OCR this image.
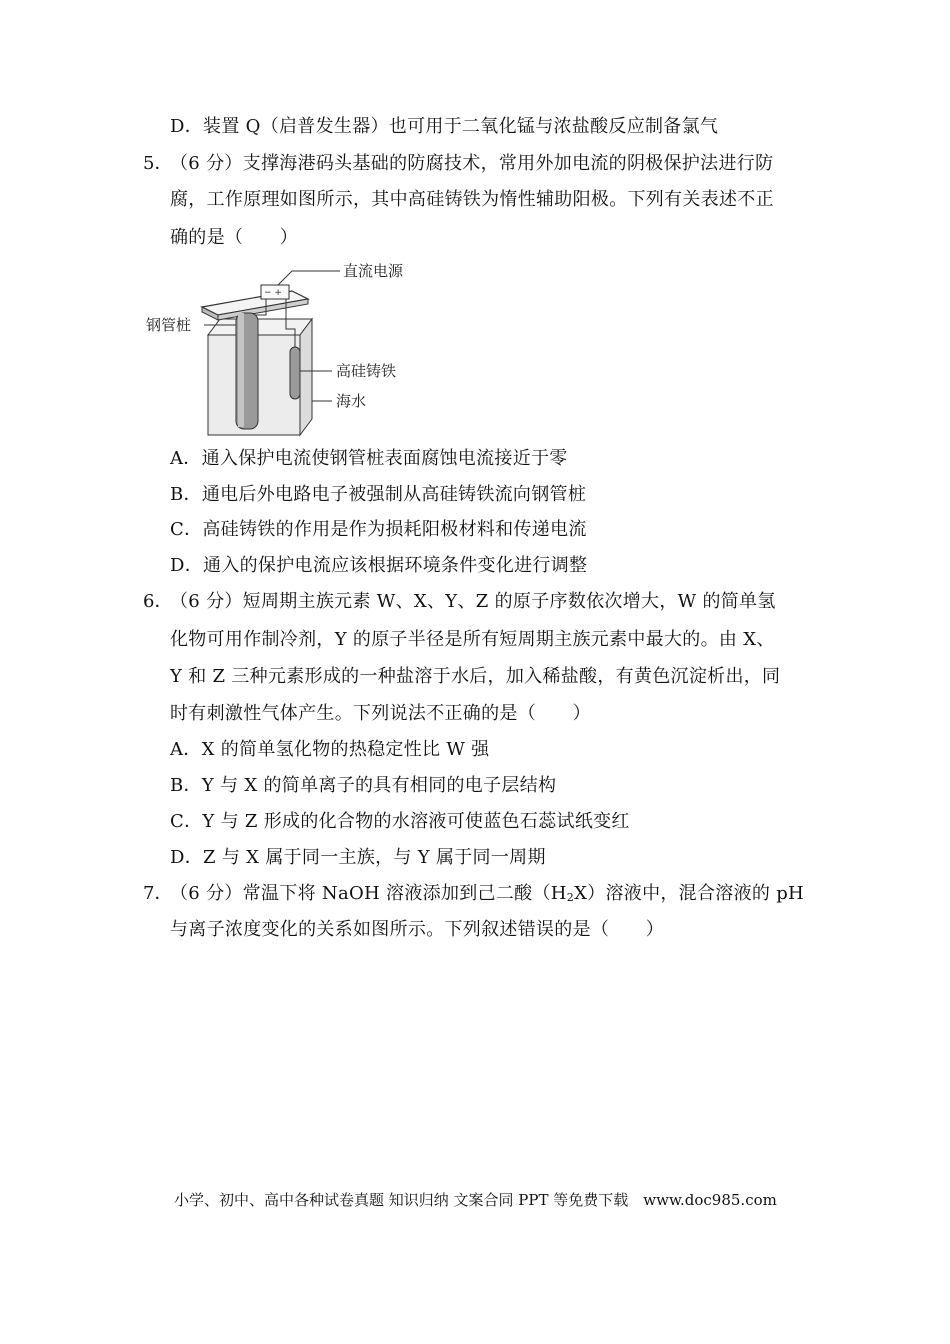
D．装置 Q（启普发生器）也可用于二氧化锰与浓盐酸反应制备氯气
5．
（6 分）支撑海港码头基础的防腐技术，常用外加电流的阴极保护法进行防
腐，工作原理如图所示，其中高硅铸铁为惰性辅助阳极。下列有关表述不正
确的是（　　）
− +
直流电源
钢管桩
高硅铸铁
海水
A．通入保护电流使钢管桩表面腐蚀电流接近于零
B．通电后外电路电子被强制从高硅铸铁流向钢管桩
C．高硅铸铁的作用是作为损耗阳极材料和传递电流
D．通入的保护电流应该根据环境条件变化进行调整
6．
（6 分）短周期主族元素 W、X、Y、Z 的原子序数依次增大，W 的简单氢
化物可用作制冷剂，Y 的原子半径是所有短周期主族元素中最大的。由 X、
Y 和 Z 三种元素形成的一种盐溶于水后，加入稀盐酸，有黄色沉淀析出，同
时有刺激性气体产生。下列说法不正确的是（　　）
A．X 的简单氢化物的热稳定性比 W 强
B．Y 与 X 的简单离子的具有相同的电子层结构
C．Y 与 Z 形成的化合物的水溶液可使蓝色石蕊试纸变红
D．Z 与 X 属于同一主族，与 Y 属于同一周期
7．
（6 分）常温下将 NaOH 溶液添加到己二酸$(H_2X)$溶液中，混合溶液的 pH
与离子浓度变化的关系如图所示。下列叙述错误的是（　　）
小学、初中、高中各种试卷真题 知识归纳 文案合同 PPT 等免费下载　www.doc985.com
